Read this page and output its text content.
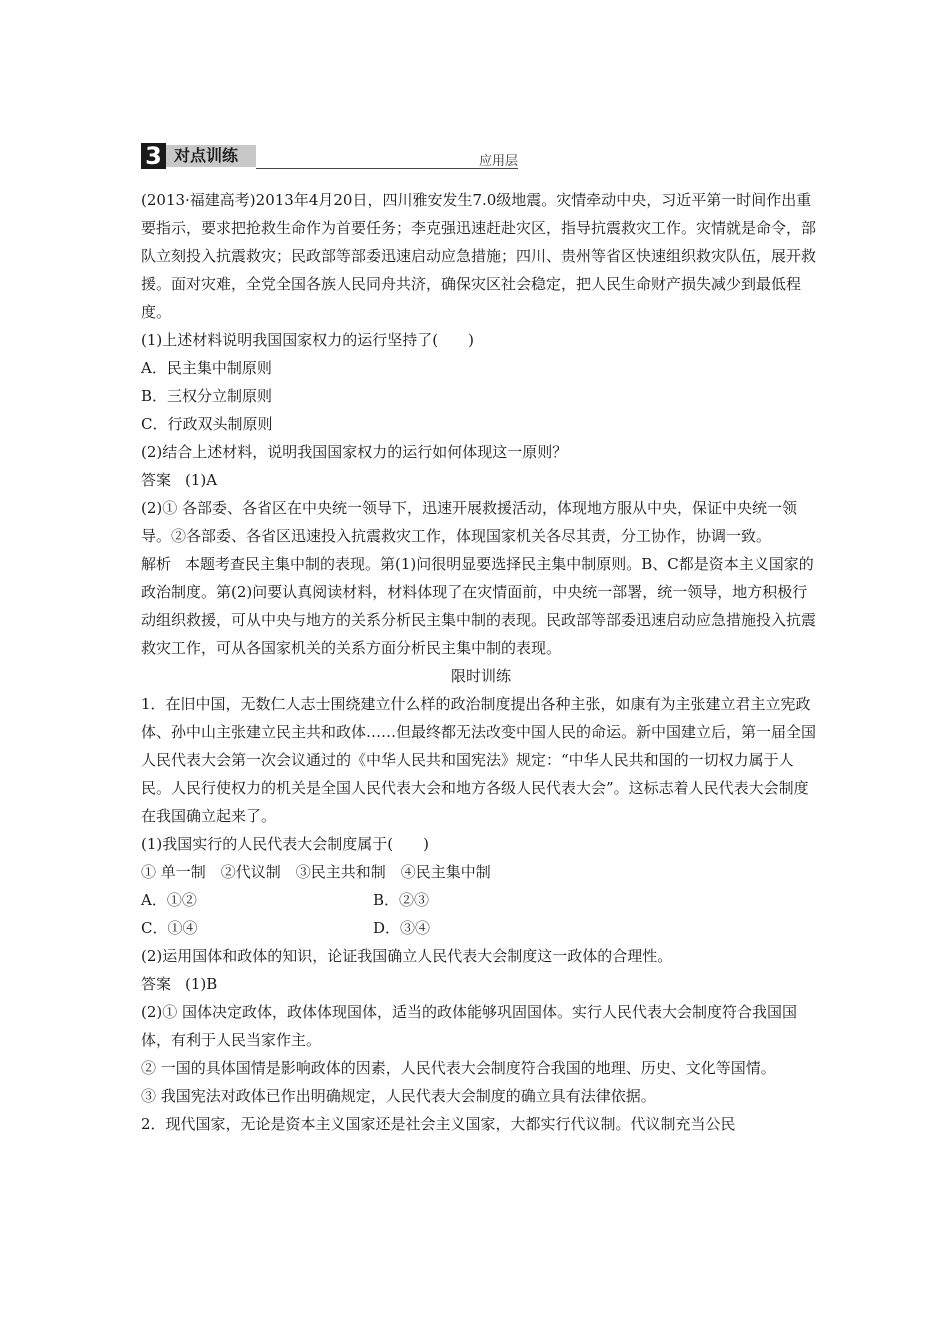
3 对点训练	应用层

(2013·福建高考)2013年4月20日，四川雅安发生7.0级地震。灾情牵动中央，习近平第一时间作出重要指示，要求把抢救生命作为首要任务；李克强迅速赶赴灾区，指导抗震救灾工作。灾情就是命令，部队立刻投入抗震救灾；民政部等部委迅速启动应急措施；四川、贵州等省区快速组织救灾队伍，展开救援。面对灾难，全党全国各族人民同舟共济，确保灾区社会稳定，把人民生命财产损失减少到最低程度。

(1)上述材料说明我国国家权力的运行坚持了(　　)

A．民主集中制原则

B．三权分立制原则

C．行政双头制原则

(2)结合上述材料，说明我国国家权力的运行如何体现这一原则？

答案 (1)A

(2)① 各部委、各省区在中央统一领导下，迅速开展救援活动，体现地方服从中央，保证中央统一领导。②各部委、各省区迅速投入抗震救灾工作，体现国家机关各尽其责，分工协作，协调一致。

解析 本题考查民主集中制的表现。第(1)问很明显要选择民主集中制原则。B、C都是资本主义国家的政治制度。第(2)问要认真阅读材料，材料体现了在灾情面前，中央统一部署，统一领导，地方积极行动组织救援，可从中央与地方的关系分析民主集中制的表现。民政部等部委迅速启动应急措施投入抗震救灾工作，可从各国家机关的关系方面分析民主集中制的表现。

限时训练

1．在旧中国，无数仁人志士围绕建立什么样的政治制度提出各种主张，如康有为主张建立君主立宪政体、孙中山主张建立民主共和政体……但最终都无法改变中国人民的命运。新中国建立后，第一届全国人民代表大会第一次会议通过的《中华人民共和国宪法》规定：“中华人民共和国的一切权力属于人民。人民行使权力的机关是全国人民代表大会和地方各级人民代表大会”。这标志着人民代表大会制度在我国确立起来了。

(1)我国实行的人民代表大会制度属于(　　)

① 单一制　②代议制　③民主共和制　④民主集中制

A．①②	B．②③

C．①④	D．③④

(2)运用国体和政体的知识，论证我国确立人民代表大会制度这一政体的合理性。

答案 (1)B

(2)① 国体决定政体，政体体现国体，适当的政体能够巩固国体。实行人民代表大会制度符合我国国体，有利于人民当家作主。

② 一国的具体国情是影响政体的因素，人民代表大会制度符合我国的地理、历史、文化等国情。

③ 我国宪法对政体已作出明确规定，人民代表大会制度的确立具有法律依据。

2．现代国家，无论是资本主义国家还是社会主义国家，大都实行代议制。代议制充当公民
